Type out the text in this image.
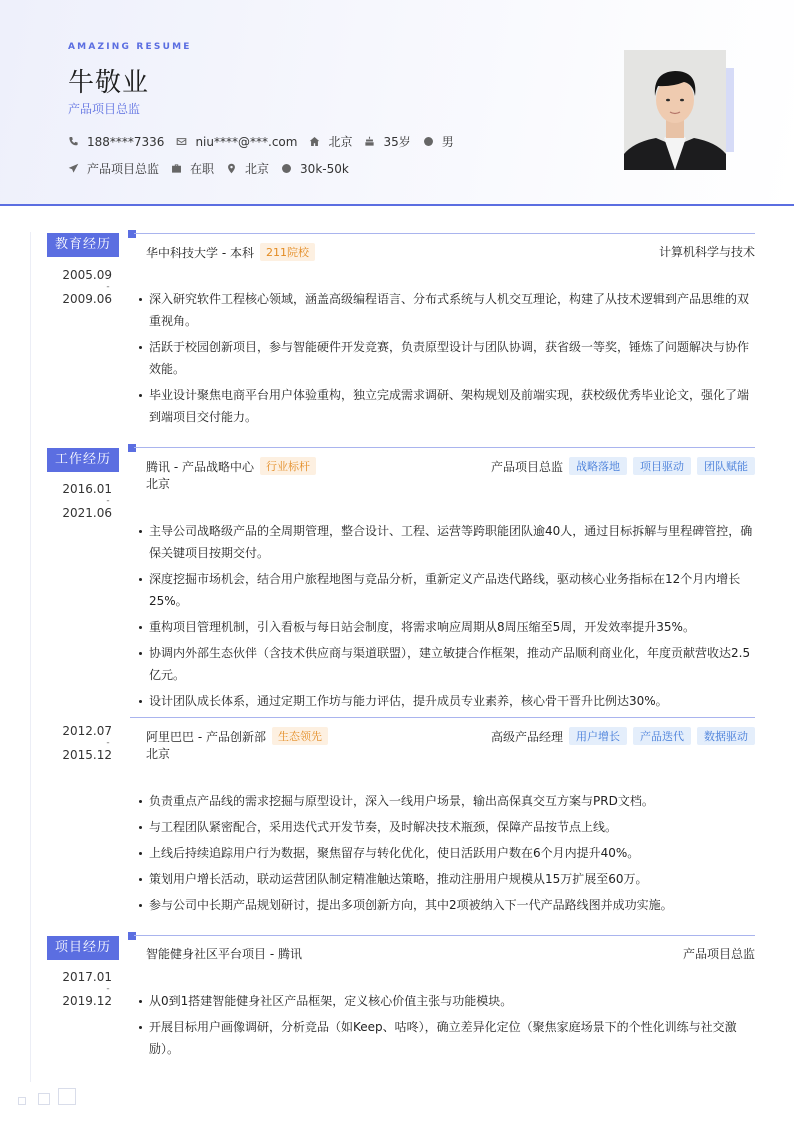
AMAZING RESUME
牛敬业
产品项目总监
188****7336	niu****@***.com	北京	35岁	男
产品项目总监	在职	北京	30k-50k
教育经历
2005.09
-
2009.06
华中科技大学 - 本科	211院校	计算机科学与技术
深入研究软件工程核心领域，涵盖高级编程语言、分布式系统与人机交互理论，构建了从技术逻辑到产品思维的双重视角。
活跃于校园创新项目，参与智能硬件开发竞赛，负责原型设计与团队协调，获省级一等奖，锤炼了问题解决与协作效能。
毕业设计聚焦电商平台用户体验重构，独立完成需求调研、架构规划及前端实现，获校级优秀毕业论文，强化了端到端项目交付能力。
工作经历
2016.01
-
2021.06
腾讯 - 产品战略中心	行业标杆	产品项目总监	战略落地	项目驱动	团队赋能
北京
主导公司战略级产品的全周期管理，整合设计、工程、运营等跨职能团队逾40人，通过目标拆解与里程碑管控，确保关键项目按期交付。
深度挖掘市场机会，结合用户旅程地图与竞品分析，重新定义产品迭代路线，驱动核心业务指标在12个月内增长25%。
重构项目管理机制，引入看板与每日站会制度，将需求响应周期从8周压缩至5周，开发效率提升35%。
协调内外部生态伙伴（含技术供应商与渠道联盟），建立敏捷合作框架，推动产品顺利商业化，年度贡献营收达2.5亿元。
设计团队成长体系，通过定期工作坊与能力评估，提升成员专业素养，核心骨干晋升比例达30%。
2012.07
-
2015.12
阿里巴巴 - 产品创新部	生态领先	高级产品经理	用户增长	产品迭代	数据驱动
北京
负责重点产品线的需求挖掘与原型设计，深入一线用户场景，输出高保真交互方案与PRD文档。
与工程团队紧密配合，采用迭代式开发节奏，及时解决技术瓶颈，保障产品按节点上线。
上线后持续追踪用户行为数据，聚焦留存与转化优化，使日活跃用户数在6个月内提升40%。
策划用户增长活动，联动运营团队制定精准触达策略，推动注册用户规模从15万扩展至60万。
参与公司中长期产品规划研讨，提出多项创新方向，其中2项被纳入下一代产品路线图并成功实施。
项目经历
2017.01
-
2019.12
智能健身社区平台项目 - 腾讯	产品项目总监
从0到1搭建智能健身社区产品框架，定义核心价值主张与功能模块。
开展目标用户画像调研，分析竞品（如Keep、咕咚），确立差异化定位（聚焦家庭场景下的个性化训练与社交激励）。
